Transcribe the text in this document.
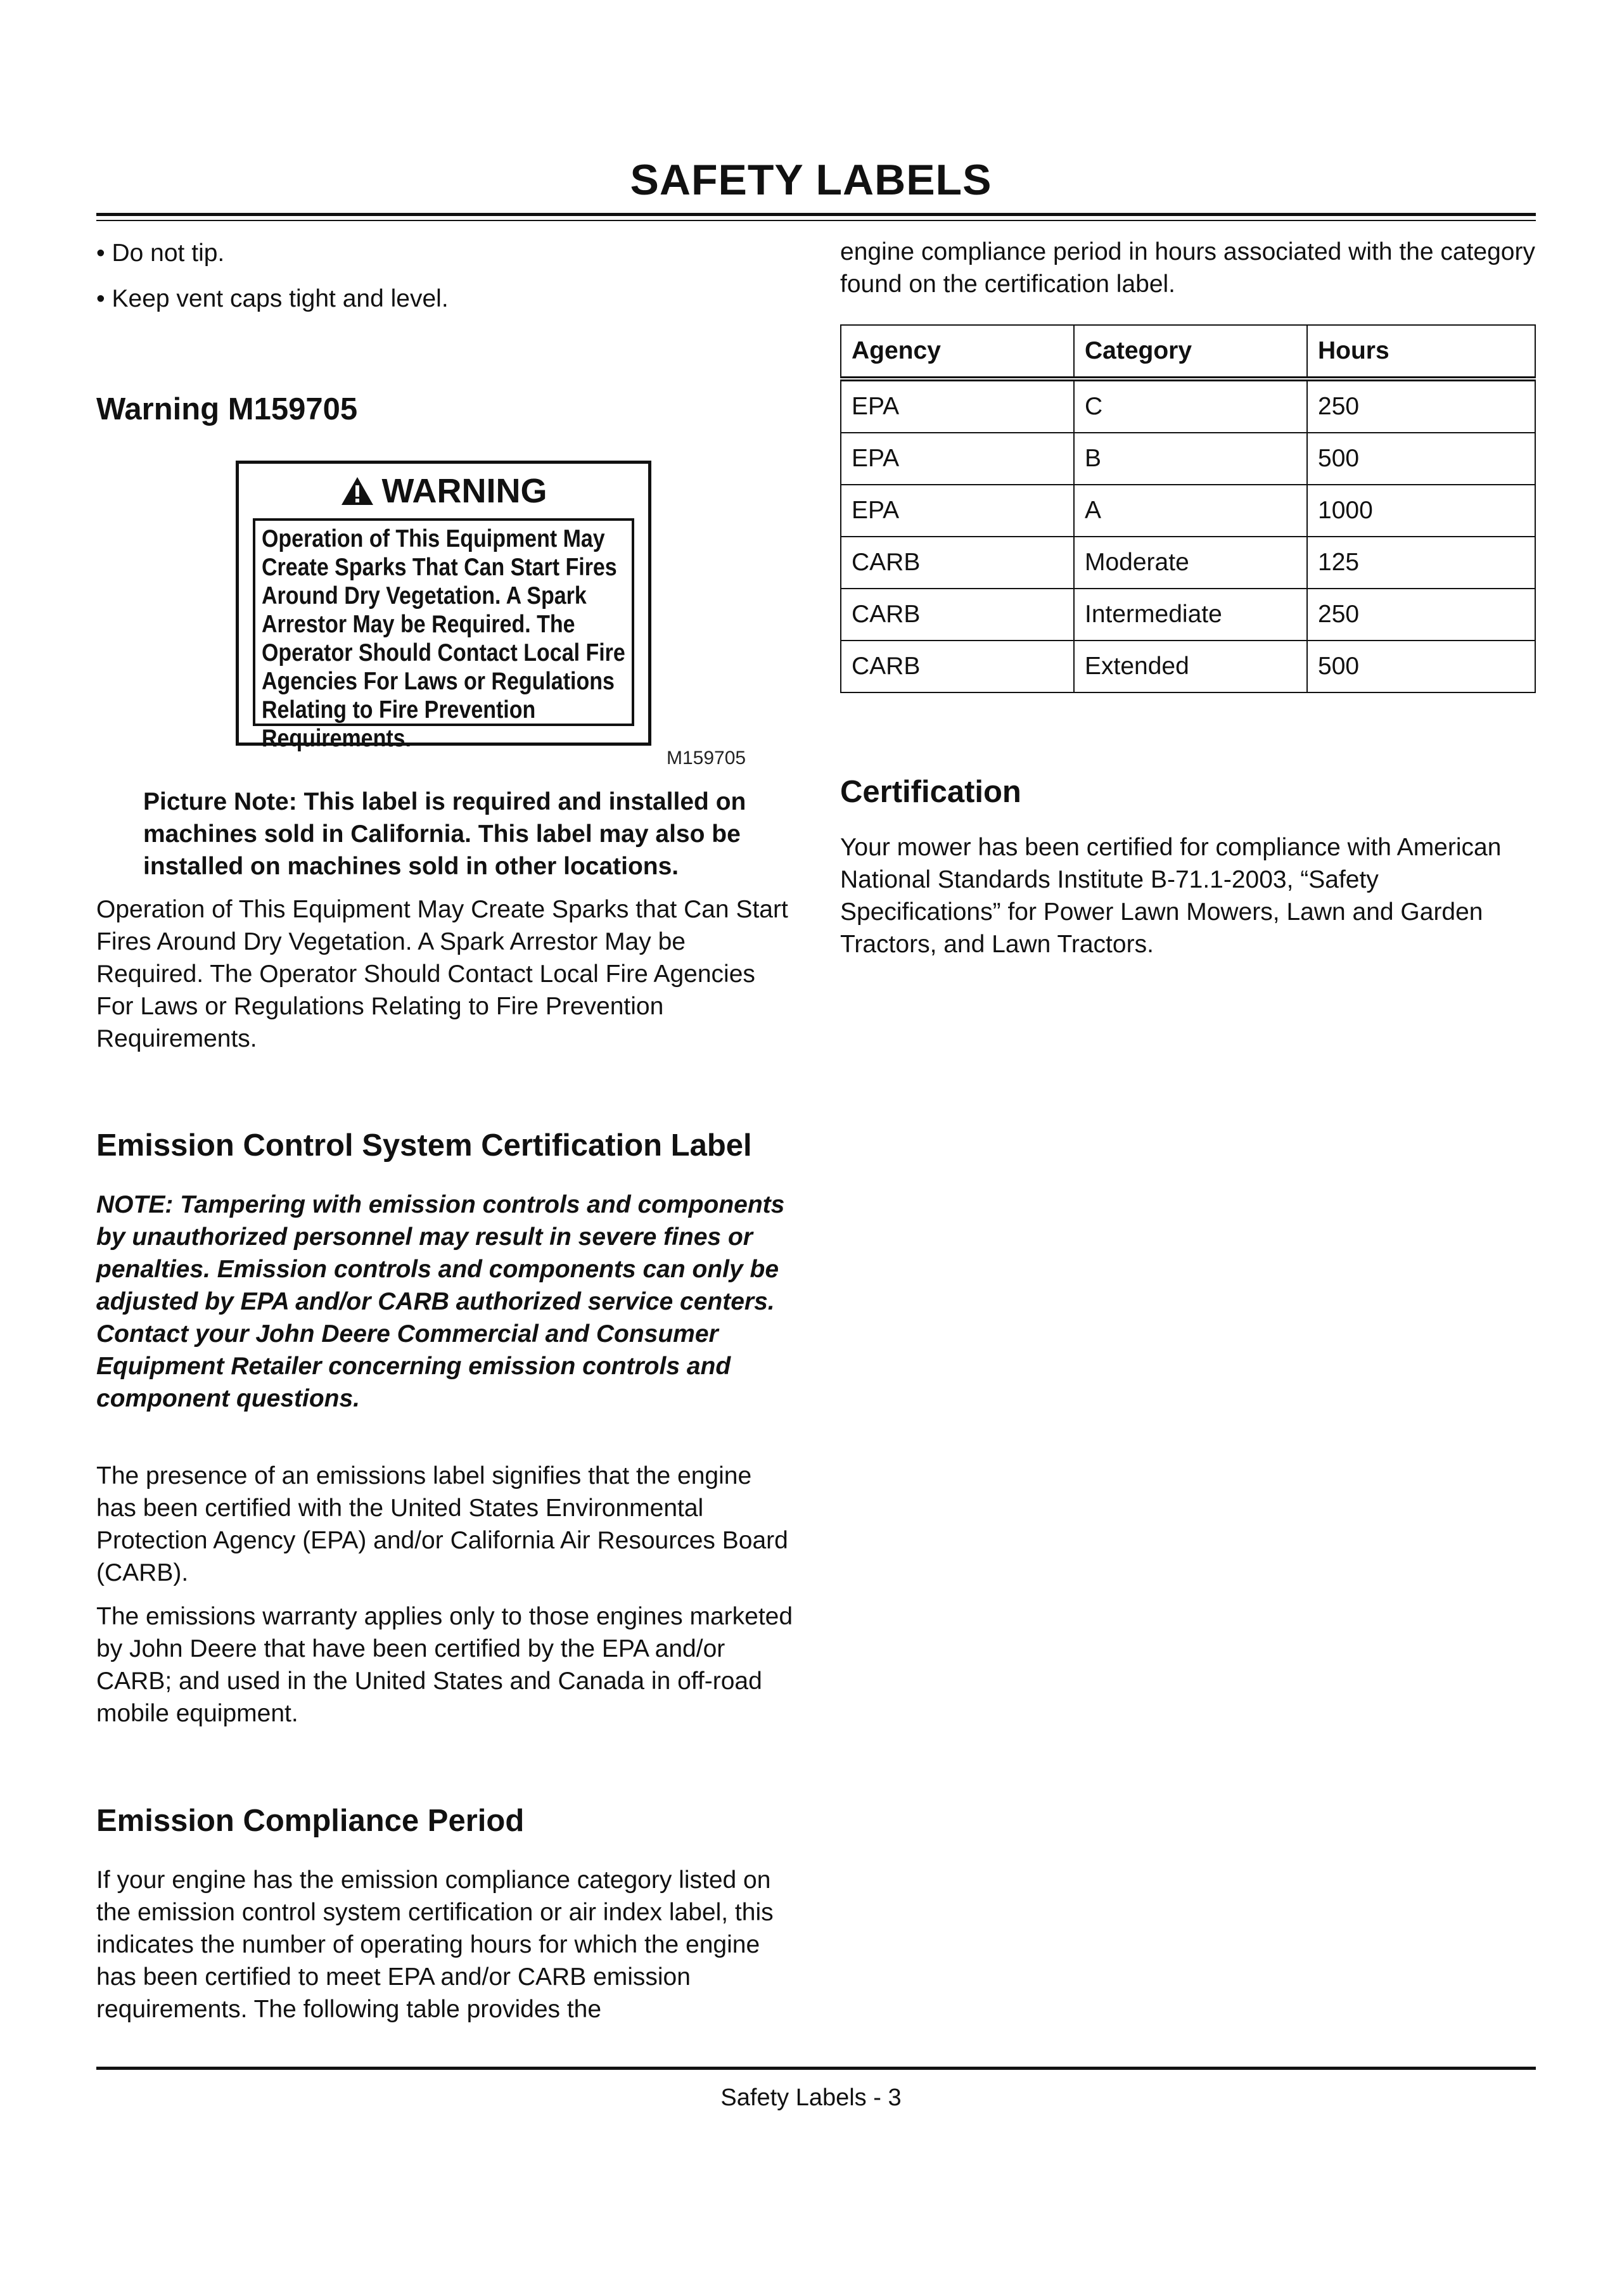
SAFETY LABELS
• Do not tip.
• Keep vent caps tight and level.
Warning M159705
WARNING
Operation of This Equipment May
Create Sparks That Can Start Fires
Around Dry Vegetation. A Spark
Arrestor May be Required. The
Operator Should Contact Local Fire
Agencies For Laws or Regulations
Relating to Fire Prevention
Requirements.
M159705
Picture Note: This label is required and installed on machines sold in California. This label may also be installed on machines sold in other locations.
Operation of This Equipment May Create Sparks that Can Start Fires Around Dry Vegetation. A Spark Arrestor May be Required. The Operator Should Contact Local Fire Agencies For Laws or Regulations Relating to Fire Prevention Requirements.
Emission Control System Certification Label
NOTE: Tampering with emission controls and components by unauthorized personnel may result in severe fines or penalties. Emission controls and components can only be adjusted by EPA and/or CARB authorized service centers. Contact your John Deere Commercial and Consumer Equipment Retailer concerning emission controls and component questions.
The presence of an emissions label signifies that the engine has been certified with the United States Environmental Protection Agency (EPA) and/or California Air Resources Board (CARB).
The emissions warranty applies only to those engines marketed by John Deere that have been certified by the EPA and/or CARB; and used in the United States and Canada in off-road mobile equipment.
Emission Compliance Period
If your engine has the emission compliance category listed on the emission control system certification or air index label, this indicates the number of operating hours for which the engine has been certified to meet EPA and/or CARB emission requirements. The following table provides the
engine compliance period in hours associated with the category found on the certification label.
Agency	Category	Hours
EPA	C	250
EPA	B	500
EPA	A	1000
CARB	Moderate	125
CARB	Intermediate	250
CARB	Extended	500
Certification
Your mower has been certified for compliance with American National Standards Institute B-71.1-2003, “Safety Specifications” for Power Lawn Mowers, Lawn and Garden Tractors, and Lawn Tractors.
Safety Labels - 3
